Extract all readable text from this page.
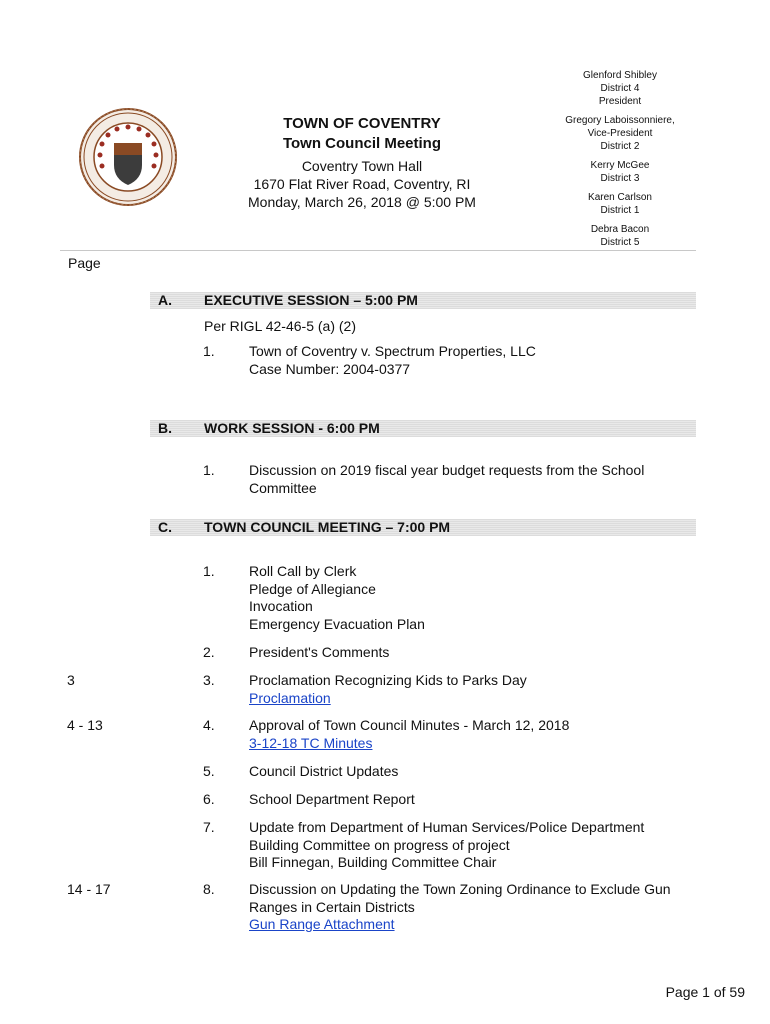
TOWN OF COVENTRY
Town Council Meeting
Coventry Town Hall
1670 Flat River Road, Coventry, RI
Monday, March 26, 2018 @ 5:00 PM
Glenford Shibley
District 4
President
Gregory Laboissonniere,
Vice-President
District 2
Kerry McGee
District 3
Karen Carlson
District 1
Debra Bacon
District 5
Page
A. EXECUTIVE SESSION – 5:00 PM
Per RIGL 42-46-5 (a) (2)
1. Town of Coventry v. Spectrum Properties, LLC
Case Number: 2004-0377
B. WORK SESSION - 6:00 PM
1. Discussion on 2019 fiscal year budget requests from the School
Committee
C. TOWN COUNCIL MEETING – 7:00 PM
1. Roll Call by Clerk
Pledge of Allegiance
Invocation
Emergency Evacuation Plan
2. President's Comments
3	3. Proclamation Recognizing Kids to Parks Day
Proclamation
4 - 13	4. Approval of Town Council Minutes - March 12, 2018
3-12-18 TC Minutes
5. Council District Updates
6. School Department Report
7. Update from Department of Human Services/Police Department
Building Committee on progress of project
Bill Finnegan, Building Committee Chair
14 - 17	8. Discussion on Updating the Town Zoning Ordinance to Exclude Gun
Ranges in Certain Districts
Gun Range Attachment
Page 1 of 59
